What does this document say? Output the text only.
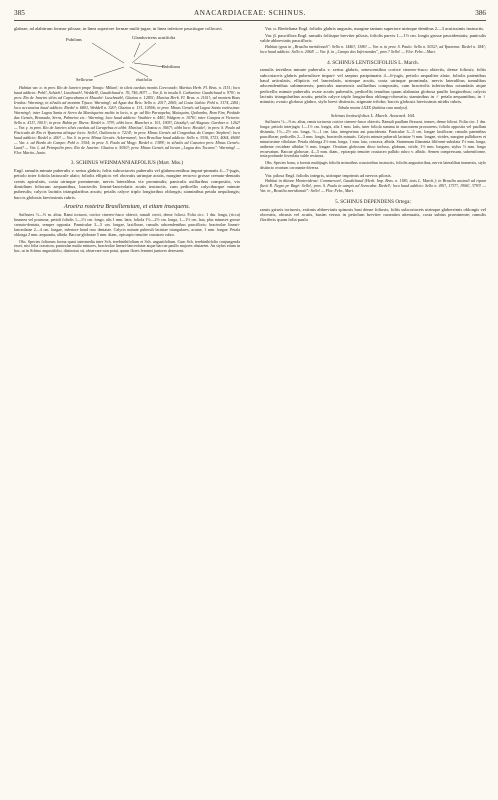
385	ANACARDIACEAE: SCHINUS.	386

glabrae, ad alabitrum formae pilosae, in linea superiore formae multi-jugae, in linea inferiore pauciiugae collocavi.

Pubilans	Glanduvirens acutifolia
Rubiliana
Sellowae	rhoifolia

Habitat var. α. in prov. Rio de Janeiro prope Tonajo: Mikan!; in silvis caeduis montis Corcovado: Martius Herb. Fl. Bras. n. 1151; loco haud addicto: Pohl!, Schüch!, Luschnath!, Weddell!, Gaudichaud n. 76, 746, 807! — Var. β. in insula S. Catharina: Gaudichaud n. 970!; in prov. Rio de Janeiro silvis ad Capocabana et Macahé: Luschnath!, Glaziou n. 12851; Martius Herb. Fl. Bras. n. 1161!; ad montem Boas Irmãos: Warming; in silvulis ad montem Tijuca: Warming!; ad Agua dos Reis: Sello n. 2017, 2065; ad Costa Gabia: Pohl n. 3174, 2461; loco accuratius haud addicto: Riedel n. 6801, Weddell n. 320!; Glaziou n. 131, 10566; in prov. Minas Geraës ad Lagoa Santa variissima: Warming!; inter Lagoa Santa et Serra da Mantiqueira multis in locis, n. gr. ad Rio Paraopeba, Maiaquim, Quilombo, Bom Fim, Piedade das Geraës, Brumado, Serra, Palmeira etc.: Warming; loco haud addicto: Vauthier n. 440!, Widgren n. 1076!; inter Campos et Victoria: Sello n. 415!, 1001!; in prov. Bahia pr. Ilheos: Riedel n. 379!; alibi loco: Blanchet n. 101, 1905!, Lhotzky!; ad Alagoas: Gardner n. 1262! — Var. γ. in prov. Rio de Janeiro silvis caeduis ad Carapebus et alibi: Martius!, Glaziou n. 3667!; alibi loco: Hostile!; in prov. S. Paulo ad Piscicado de Rio et Ypanema aliisque locis: Sello!, Ouiliencia n. 7214!; in prov. Minas Geraës ad Congonhas do Campo: Stephen!; loco haud addicto: Riedel n. 260! — Var. δ. in prov. Minas Geraës: Ackermann!; loco Brasiliae haud addicto: Sello n. 3536, 3723, 4064, 4606! — Var. ε. ad Bordo do Campo: Pohl n. 3304; in prov. S. Paulo ad Mogy: Riedel n. 1389!; in silvulis ad Cassoira prov. Minas Geraës: Lund! — Var. ζ. ad Petropolin prov. Rio de Janeiro: Glaziou n. 5050!; prov. Minas Geraës ad locum „Lagoa dos Tocaros": Warming! — Flor. Martio–Junio.

3. SCHINUS WEINMANNIAEFOLIUS (Mart. Mss.)

Engl. ramulis minute puberulis v. serius glabris; foliis subcoriaceis puberulis vel glabrescentibus impari-pinnatis 4—7-jugis, petiolo inter foliola latiuscule alato; foliolis ellipticis vel obovatis utrinque acutis, margine recurvo grosse crenato-dentatis crenis apiculatis, costa utrinque prominente, nervis lateralibus vix prominulis; paniculis axillaribus compositis, vix dimidium foliorum aequantibus, bracteolis lineari-lanceolatis acutis instructis, cum pedicellis calyciburque minute puberulis; calycis laciniis triangularibus acutis; petalis calyce triplo longioribus oblongis; staminibus petala aequilongis; baccis globosis laevissimis rubris.

Aroeira rosteira Brasiliensium, et etiam insequens.

Suffrutex ⅓—⅔ m. altus. Rami tortuosi, cortice cinereo-fusco obtecti; ramuli crecti, dense foliosi. Folia circ. 1 dm. longa, (ricca) brunnea vel pruinosa; petioli foliolis 1—1½ cm. longo, alis 1 mm. latis; foliola 1½—2½ cm. longa, 1—1½ cm. lata, plus minusve grosse crenato-dentata, semper opposita. Panniculae 3—5 cm. longae, laxiflorae, ramulis adscendentibus paucifloris; bracteolae lineari-lanceolatae 2—4 cm. longae, inferiore haud raro dentatae. Calycis minute puberuli laciniae triangulares, acutae, 1 mm. longae. Petala oblonga 2 mm. aequantia, albida. Baccae globosae 5 mm. diam., epicarpio tenuiter crustaceo rubro.

Obs. Species foliorum forma quasi intermedia inter Sch. terebinthifolium et Sch. angustifolium. Cum Sch. terebinthifolio conjungenda esset, nisi folia crassiora, paniculae multo minores, bracteolae lineari-lanceolatae atque baccae paullo majores obstarent. An stylus etiam in hac, ut in Schino angustifolio, distinctus sit, observare non potui, quum flores feminei juniores desessent.

Var. α. Riedeliana Engl. foliolis glabris angustis, margine tantum superiore utrinque dentibus 2—3 acutissimis instructis.

Var. β. pauciflora Engl. ramulis foliisque breviter pilosis, foliolis parvis 1—1½ cm. longis grosse paucidentatis; paniculis valde abbreviatis paucifloris.

Habitat typus in „Brasilia meridionali": Sello n. 1446!; 1386! — Var. α. in prov. S. Paulo: Sello n. 5032!; ad Ypanema: Riedel n. 184!; loco haud addicto: Sello n. 2064! — Var. β. in „Campo dos Infernandes", prov.? Sello! — Flor. Febr.—Mart.

4. SCHINUS LENTISCIFOLIUS L. March.

ramulis teretibus minute puberulis v. serius glabris, senescentibus cortice cinereo-fusco obtectis, dense foliosis; foliis subcoriaceis glabris puberulisve impari- vel saepius paripinnatis 4—6-jugis, petiolo aequaliter alato; foliolis patentibus haud articulatis, ellipticis vel lanceolatis, utrinque acutis, costa utrinque prominula, nervis lateralibus tomulibus adscendentibus subimmersis; paniculis numerosis axillaribus compositis, cum bracteolis inferioribus rotundatis atque pedicellis minute puberulis ovate acutis puberulis, pedicellis tenuibus quam alabastra globosa paullo longioribus; calycis laciniis triangularibus acutis; petalis calyce triplo longioribus oblongo-obovatis; staminibus in ♂ petala aequantibus, in ♀ minutis; ovario globoso glabro, stylo brevi distincto, stigmate trilobo; baccis globosis laevissimis nitidis rubris.

Tabula nostra LXXX (habitus cum analysi).

Schinus lentiscifolius L. March. Anncard. 164.

Suffrutex ½—⅔ m. altus, ramis tortuosis cortice cinereo-fusco obtectis. Ramuli paullum flexuosi, tenues, dense foliosi. Folia circ. 1 dm. longa; petiolo interjugio 1—1½ cm. longis, alis 1 mm. latis, inter foliola summa in mucronem procurrens; foliola opposita vel paullum distantia, 1½—2½ cm. longa, ½—1 cm. lata, integerrima aut pauciderata. Paniculae 3—5 cm. longae laxiflorae, ramulis patentibus pauciflorae, pedicellis 2—3 mm. longis, bracteolis minutis. Calycis minute puberuli laciniae ½ mm. longae, virides, margine pallidiores et minutissime ciliolatae. Petala oblonga 2½ mm. longa, 1 mm. lata, concava, albida. Stamenum filamenta filiformi-subulata 1½ mm. longa, antherae ovoideae albidae ⅓ mm. longae. Ovarium globosum disco incluso, glabrum, viride, 1½ mm. longum; stylus ½ mm. longo recurvatum. Baccae globosae, 4—5 mm. diam., epicarpio tenuiter crustaceo pallido rubro v. albido. Semen compressum, subreniforme, testa profunde foveolata valde resinosa.

Obs. Species bona, a formis multijugis foliolis minoribus crassioribus instructis, foliolis angustioribus, nervis lateralibus immersis, stylo distincto ovarium coronante diversa.

Var. pilosa Engl. foliolis integris, utrinque imprimis ad nervos pilosis.

Habitat in ditione Montevidensi: Commerson!, Gaudichaud (Herb. Imp. Bras. n. 1180, tesis L. March.); in Brasilia australi ad ripam fluvii R. Negro pr. Bagé: Sello!; prov. S. Paulo in campis ad Sorocaba: Riedel!; loco haud addicto: Sello n. 481!, 1737!, 1906!, 3793! — Var. in „Brasilia meridionali": Sello! — Flor. Febr., Mart.

5. SCHINUS DEPENDENS Ortega:

ramis griseis tortuosis, extimis abbreviatis spinosis basi dense foliosis; foliis subcoriaceis utrinque glaberrimis oblongis vel obovatis, obtusis vel acutis, basim versus in petiolum breviter cuneatim attenuatis, costa subtus prominente; ramulis floriferis quam folia paulo
